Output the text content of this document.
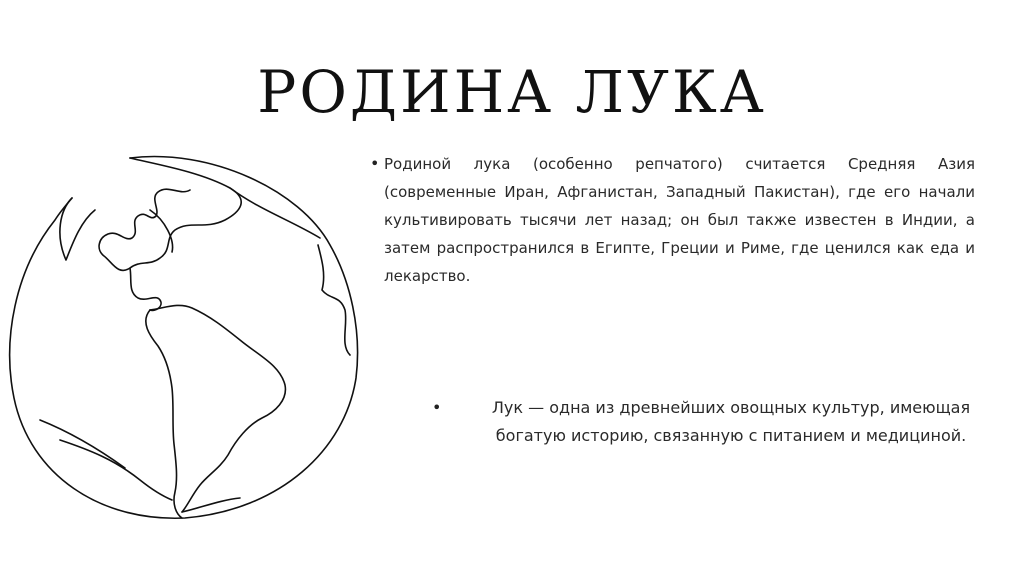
РОДИНА ЛУКА
• Родиной лука (особенно репчатого) считается Средняя Азия (современные Иран, Афганистан, Западный Пакистан), где его начали культивировать тысячи лет назад; он был также известен в Индии, а затем распространился в Египте, Греции и Риме, где ценился как еда и лекарство.
•	Лук — одна из древнейших овощных культур, имеющая богатую историю, связанную с питанием и медициной.
